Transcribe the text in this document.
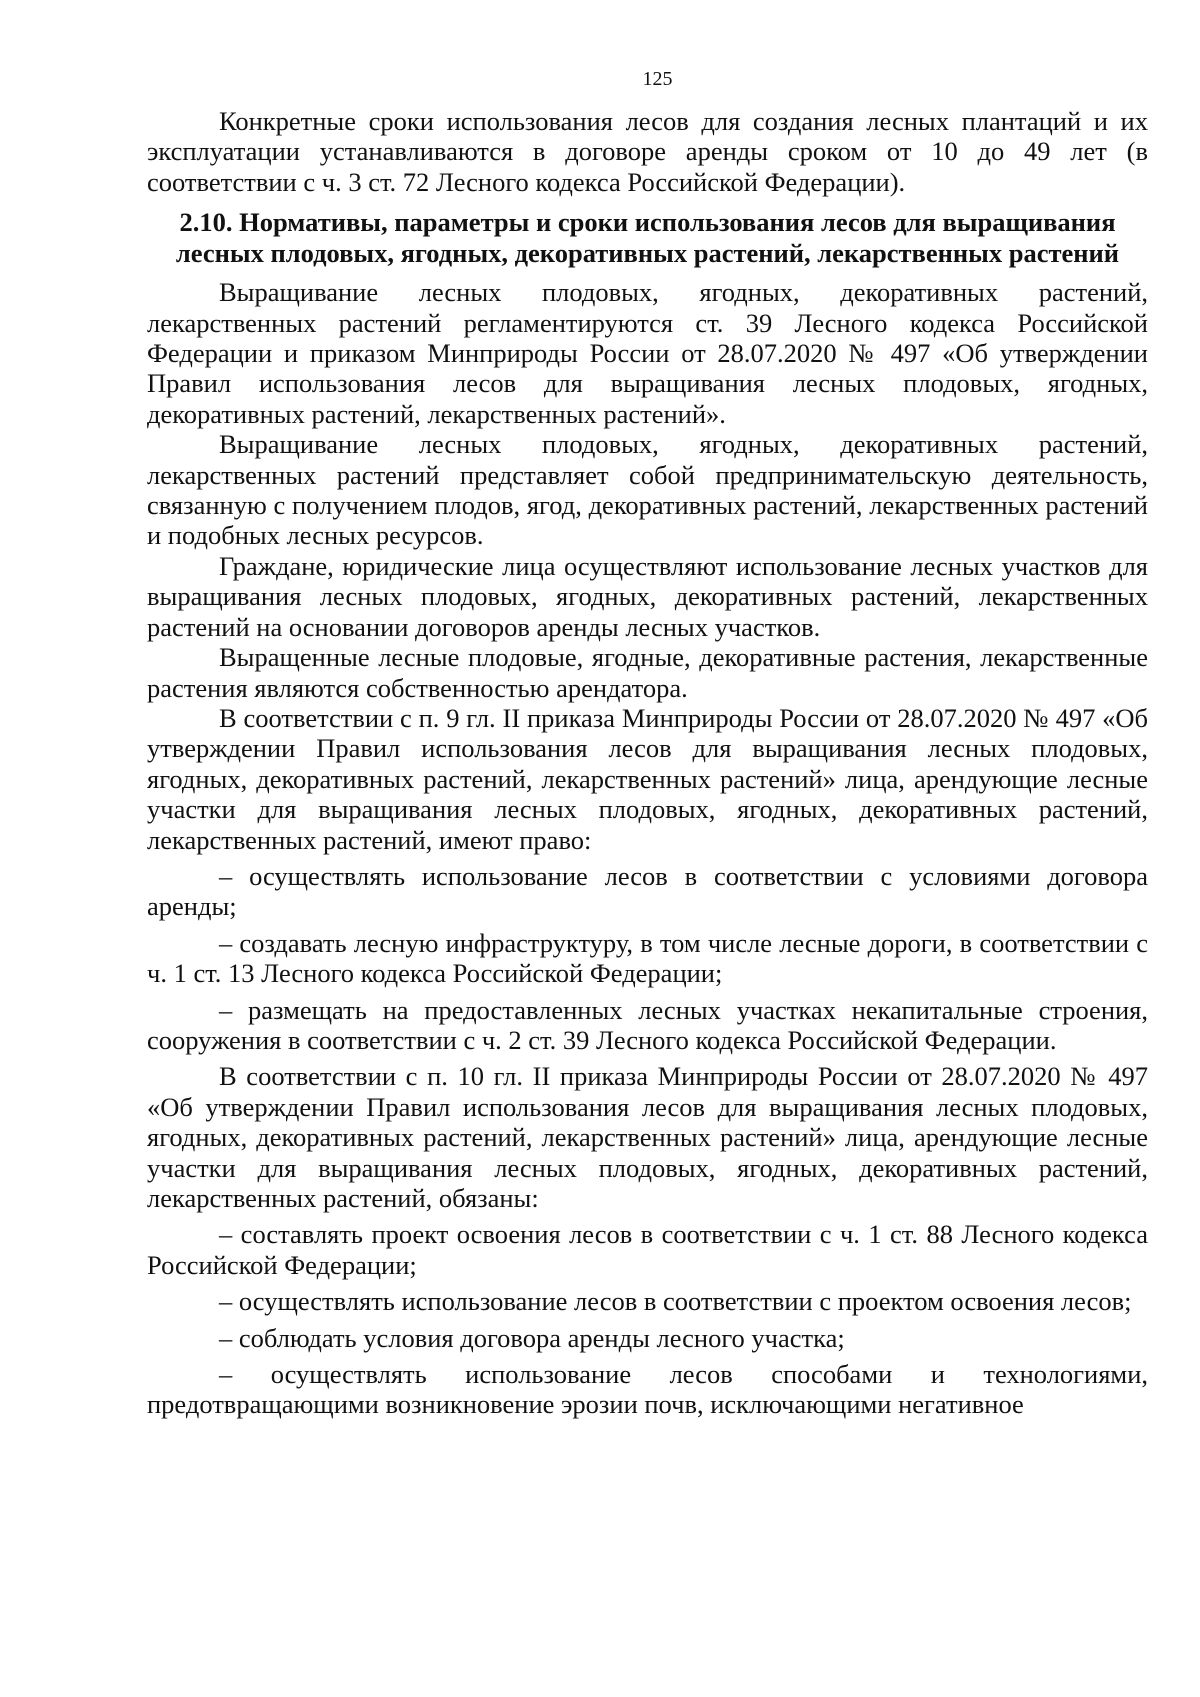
125

Конкретные сроки использования лесов для создания лесных плантаций и их эксплуатации устанавливаются в договоре аренды сроком от 10 до 49 лет (в соответствии с ч. 3 ст. 72 Лесного кодекса Российской Федерации).

2.10. Нормативы, параметры и сроки использования лесов для выращивания лесных плодовых, ягодных, декоративных растений, лекарственных растений

Выращивание лесных плодовых, ягодных, декоративных растений, лекарственных растений регламентируются ст. 39 Лесного кодекса Российской Федерации и приказом Минприроды России от 28.07.2020 № 497 «Об утверждении Правил использования лесов для выращивания лесных плодовых, ягодных, декоративных растений, лекарственных растений».

Выращивание лесных плодовых, ягодных, декоративных растений, лекарственных растений представляет собой предпринимательскую деятельность, связанную с получением плодов, ягод, декоративных растений, лекарственных растений и подобных лесных ресурсов.

Граждане, юридические лица осуществляют использование лесных участков для выращивания лесных плодовых, ягодных, декоративных растений, лекарственных растений на основании договоров аренды лесных участков.

Выращенные лесные плодовые, ягодные, декоративные растения, лекарственные растения являются собственностью арендатора.

В соответствии с п. 9 гл. II приказа Минприроды России от 28.07.2020 № 497 «Об утверждении Правил использования лесов для выращивания лесных плодовых, ягодных, декоративных растений, лекарственных растений» лица, арендующие лесные участки для выращивания лесных плодовых, ягодных, декоративных растений, лекарственных растений, имеют право:

– осуществлять использование лесов в соответствии с условиями договора аренды;

– создавать лесную инфраструктуру, в том числе лесные дороги, в соответствии с ч. 1 ст. 13 Лесного кодекса Российской Федерации;

– размещать на предоставленных лесных участках некапитальные строения, сооружения в соответствии с ч. 2 ст. 39 Лесного кодекса Российской Федерации.

В соответствии с п. 10 гл. II приказа Минприроды России от 28.07.2020 № 497 «Об утверждении Правил использования лесов для выращивания лесных плодовых, ягодных, декоративных растений, лекарственных растений» лица, арендующие лесные участки для выращивания лесных плодовых, ягодных, декоративных растений, лекарственных растений, обязаны:

– составлять проект освоения лесов в соответствии с ч. 1 ст. 88 Лесного кодекса Российской Федерации;

– осуществлять использование лесов в соответствии с проектом освоения лесов;

– соблюдать условия договора аренды лесного участка;

– осуществлять использование лесов способами и технологиями, предотвращающими возникновение эрозии почв, исключающими негативное
